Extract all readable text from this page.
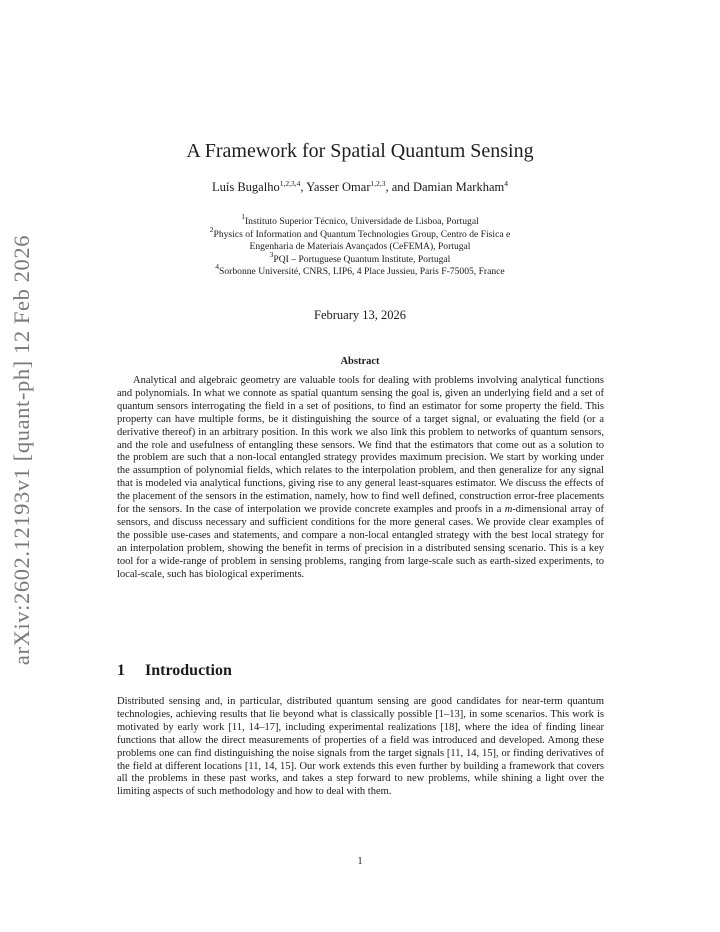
arXiv:2602.12193v1 [quant-ph] 12 Feb 2026
A Framework for Spatial Quantum Sensing
Luís Bugalho$^{1,2,3,4}$, Yasser Omar$^{1,2,3}$, and Damian Markham$^4$
$^1$Instituto Superior Técnico, Universidade de Lisboa, Portugal
$^2$Physics of Information and Quantum Technologies Group, Centro de Física e
Engenharia de Materiais Avançados (CeFEMA), Portugal
$^3$PQI – Portuguese Quantum Institute, Portugal
$^4$Sorbonne Université, CNRS, LIP6, 4 Place Jussieu, Paris F-75005, France
February 13, 2026
Abstract

Analytical and algebraic geometry are valuable tools for dealing with problems involving analytical functions and polynomials. In what we connote as spatial quantum sensing the goal is, given an underlying field and a set of quantum sensors interrogating the field in a set of positions, to find an estimator for some property the field. This property can have multiple forms, be it distinguishing the source of a target signal, or evaluating the field (or a derivative thereof) in an arbitrary position. In this work we also link this problem to networks of quantum sensors, and the role and usefulness of entangling these sensors. We find that the estimators that come out as a solution to the problem are such that a non-local entangled strategy provides maximum precision. We start by working under the assumption of polynomial fields, which relates to the interpolation problem, and then generalize for any signal that is modeled via analytical functions, giving rise to any general least-squares estimator. We discuss the effects of the placement of the sensors in the estimation, namely, how to find well defined, construction error-free placements for the sensors. In the case of interpolation we provide concrete examples and proofs in a m-dimensional array of sensors, and discuss necessary and sufficient conditions for the more general cases. We provide clear examples of the possible use-cases and statements, and compare a non-local entangled strategy with the best local strategy for an interpolation problem, showing the benefit in terms of precision in a distributed sensing scenario. This is a key tool for a wide-range of problem in sensing problems, ranging from large-scale such as earth-sized experiments, to local-scale, such has biological experiments.

1 Introduction

Distributed sensing and, in particular, distributed quantum sensing are good candidates for near-term quantum technologies, achieving results that lie beyond what is classically possible [1–13], in some scenarios. This work is motivated by early work [11, 14–17], including experimental realizations [18], where the idea of finding linear functions that allow the direct measurements of properties of a field was introduced and developed. Among these problems one can find distinguishing the noise signals from the target signals [11, 14, 15], or finding derivatives of the field at different locations [11, 14, 15]. Our work extends this even further by building a framework that covers all the problems in these past works, and takes a step forward to new problems, while shining a light over the limiting aspects of such methodology and how to deal with them.

1
